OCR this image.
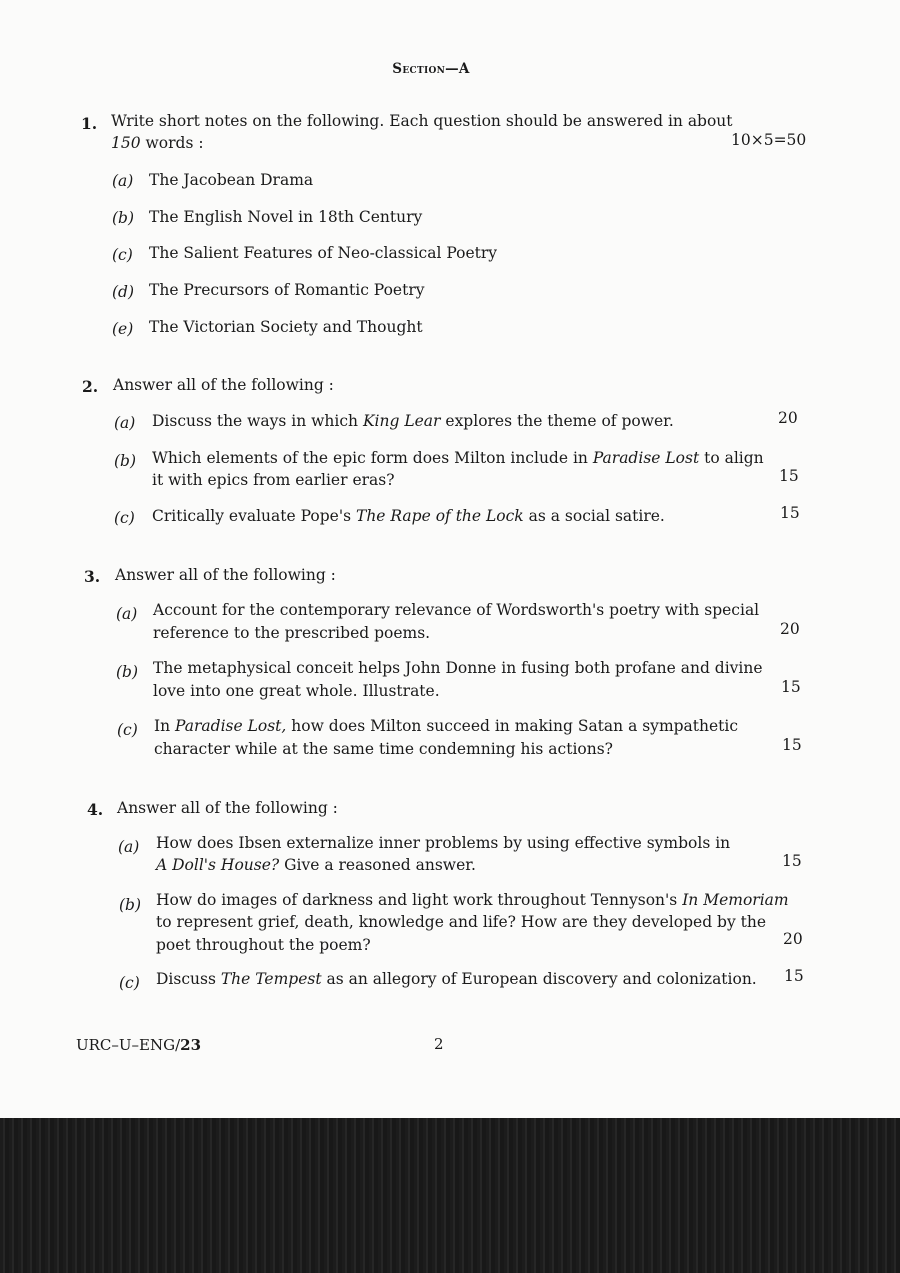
Section—A
1. Write short notes on the following. Each question should be answered in about
150 words :	10×5=50
(a) The Jacobean Drama
(b) The English Novel in 18th Century
(c) The Salient Features of Neo-classical Poetry
(d) The Precursors of Romantic Poetry
(e) The Victorian Society and Thought
2. Answer all of the following :
(a) Discuss the ways in which King Lear explores the theme of power.	20
(b) Which elements of the epic form does Milton include in Paradise Lost to align
it with epics from earlier eras?	15
(c) Critically evaluate Pope's The Rape of the Lock as a social satire.	15
3. Answer all of the following :
(a) Account for the contemporary relevance of Wordsworth's poetry with special
reference to the prescribed poems.	20
(b) The metaphysical conceit helps John Donne in fusing both profane and divine
love into one great whole. Illustrate.	15
(c) In Paradise Lost, how does Milton succeed in making Satan a sympathetic
character while at the same time condemning his actions?	15
4. Answer all of the following :
(a) How does Ibsen externalize inner problems by using effective symbols in
A Doll's House? Give a reasoned answer.	15
(b) How do images of darkness and light work throughout Tennyson's In Memoriam
to represent grief, death, knowledge and life? How are they developed by the
poet throughout the poem?	20
(c) Discuss The Tempest as an allegory of European discovery and colonization. 15
URC–U–ENG/23	2
